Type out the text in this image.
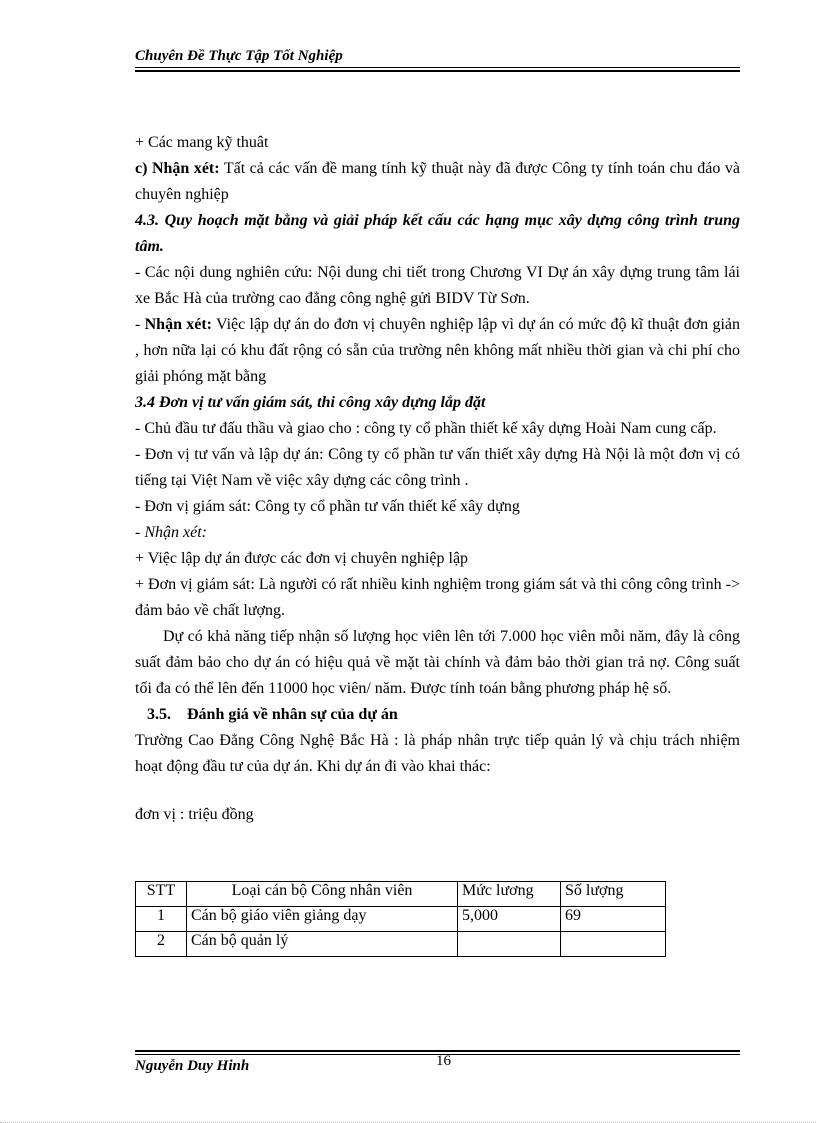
Chuyên Đề Thực Tập Tốt Nghiệp

+ Các mang kỹ thuât

c) Nhận xét: Tất cả các vấn đề mang tính kỹ thuật này đã được Công ty tính toán chu đáo và chuyên nghiệp

4.3. Quy hoạch mặt bằng và giải pháp kết cấu các hạng mục xây dựng công trình trung tâm.

- Các nội dung nghiên cứu: Nội dung chi tiết trong Chương VI Dự án xây dựng trung tâm lái xe Bắc Hà của trường cao đẳng công nghệ gửi BIDV Từ Sơn.

- Nhận xét: Việc lập dự án do đơn vị chuyên nghiệp lập vì dự án có mức độ kĩ thuật đơn giản , hơn nữa lại có khu đất rộng có sẵn của trường nên không mất nhiều thời gian và chi phí cho giải phóng mặt bằng

3.4 Đơn vị tư vấn giám sát, thi công xây dựng lắp đặt

- Chủ đầu tư đấu thầu và giao cho : công ty cổ phần thiết kế xây dựng Hoài Nam cung cấp.

- Đơn vị tư vấn và lập dự án: Công ty cổ phần tư vấn thiết xây dựng Hà Nội là một đơn vị có tiếng tại Việt Nam về việc xây dựng các công trình .

- Đơn vị giám sát: Công ty cổ phần tư vấn thiết kế xây dựng

- Nhận xét:

+ Việc lập dự án được các đơn vị chuyên nghiệp lập

+ Đơn vị giám sát: Là người có rất nhiều kinh nghiệm trong giám sát và thi công công trình -> đảm bảo về chất lượng.

Dự có khả năng tiếp nhận số lượng học viên lên tới 7.000 học viên mỗi năm, đây là công suất đảm bảo cho dự án có hiệu quả về mặt tài chính và đảm bảo thời gian trả nợ. Công suất tối đa có thể lên đến 11000 học viên/ năm. Được tính toán bằng phương pháp hệ số.

3.5.    Đánh giá về nhân sự của dự án

Trường Cao Đẳng Công Nghệ Bắc Hà : là pháp nhân trực tiếp quản lý và chịu trách nhiệm hoạt động đầu tư của dự án. Khi dự án đi vào khai thác:

đơn vị : triệu đồng

STT	Loại cán bộ Công nhân viên	Mức lương	Số lượng
1	Cán bộ giáo viên giảng dạy	5,000	69
2	Cán bộ quản lý		
Nguyễn Duy Hinh	16
